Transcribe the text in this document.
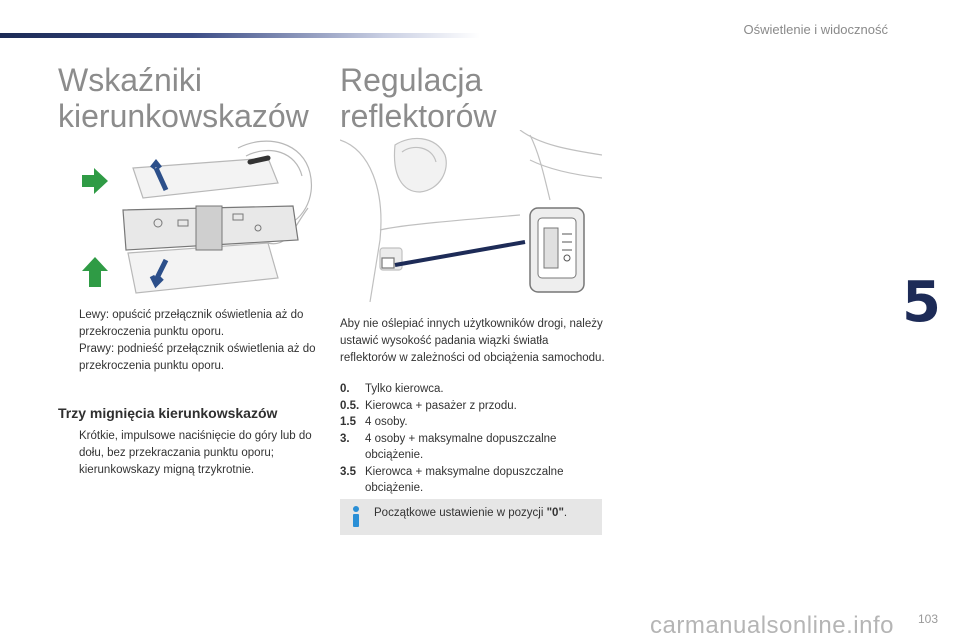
Oświetlenie i widoczność
Wskaźniki
kierunkowskazów
Lewy: opuścić przełącznik oświetlenia aż do przekroczenia punktu oporu.
Prawy: podnieść przełącznik oświetlenia aż do przekroczenia punktu oporu.
Trzy mignięcia kierunkowskazów
Krótkie, impulsowe naciśnięcie do góry lub do dołu, bez przekraczania punktu oporu; kierunkowskazy migną trzykrotnie.
Regulacja
reflektorów

Aby nie oślepiać innych użytkowników drogi, należy ustawić wysokość padania wiązki światła reflektorów w zależności od obciążenia samochodu.

0.	Tylko kierowca.
0.5. Kierowca + pasażer z przodu.
1.5 4 osoby.
3.	4 osoby + maksymalne dopuszczalne obciążenie.
3.5 Kierowca + maksymalne dopuszczalne obciążenie.
Początkowe ustawienie w pozycji "0".
5
carmanualsonline.info 103
